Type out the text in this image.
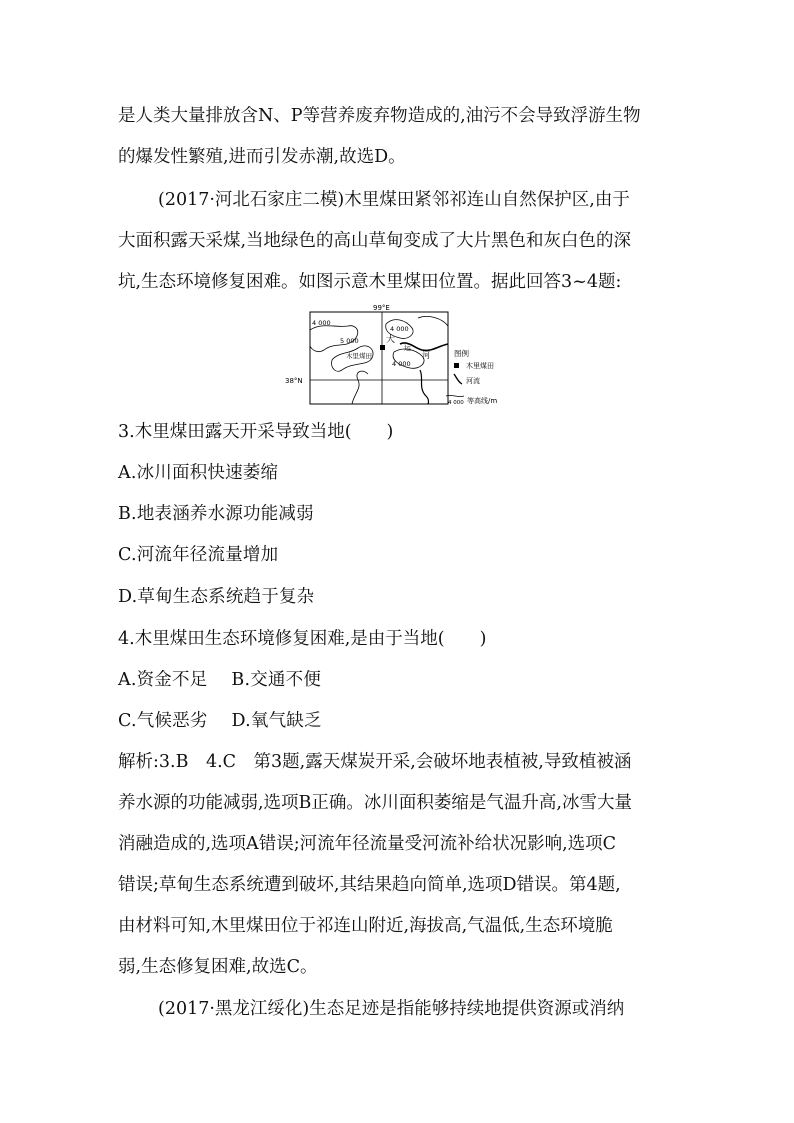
是人类大量排放含N、P等营养废弃物造成的,油污不会导致浮游生物
的爆发性繁殖,进而引发赤潮,故选D。
(2017·河北石家庄二模)木里煤田紧邻祁连山自然保护区,由于
大面积露天采煤,当地绿色的高山草甸变成了大片黑色和灰白色的深
坑,生态环境修复困难。如图示意木里煤田位置。据此回答3~4题:
99°E
38°N
4 000
5 000
4 000
4 000
木里煤田
大
运
河	图例
木里煤田
河流
4 000 等高线/m
3.木里煤田露天开采导致当地(　　)
A.冰川面积快速萎缩
B.地表涵养水源功能减弱
C.河流年径流量增加
D.草甸生态系统趋于复杂
4.木里煤田生态环境修复困难,是由于当地(　　)
A.资金不足 B.交通不便
C.气候恶劣 D.氧气缺乏
解析:3.B　4.C　第3题,露天煤炭开采,会破坏地表植被,导致植被涵
养水源的功能减弱,选项B正确。冰川面积萎缩是气温升高,冰雪大量
消融造成的,选项A错误;河流年径流量受河流补给状况影响,选项C
错误;草甸生态系统遭到破坏,其结果趋向简单,选项D错误。第4题,
由材料可知,木里煤田位于祁连山附近,海拔高,气温低,生态环境脆
弱,生态修复困难,故选C。
(2017·黑龙江绥化)生态足迹是指能够持续地提供资源或消纳
